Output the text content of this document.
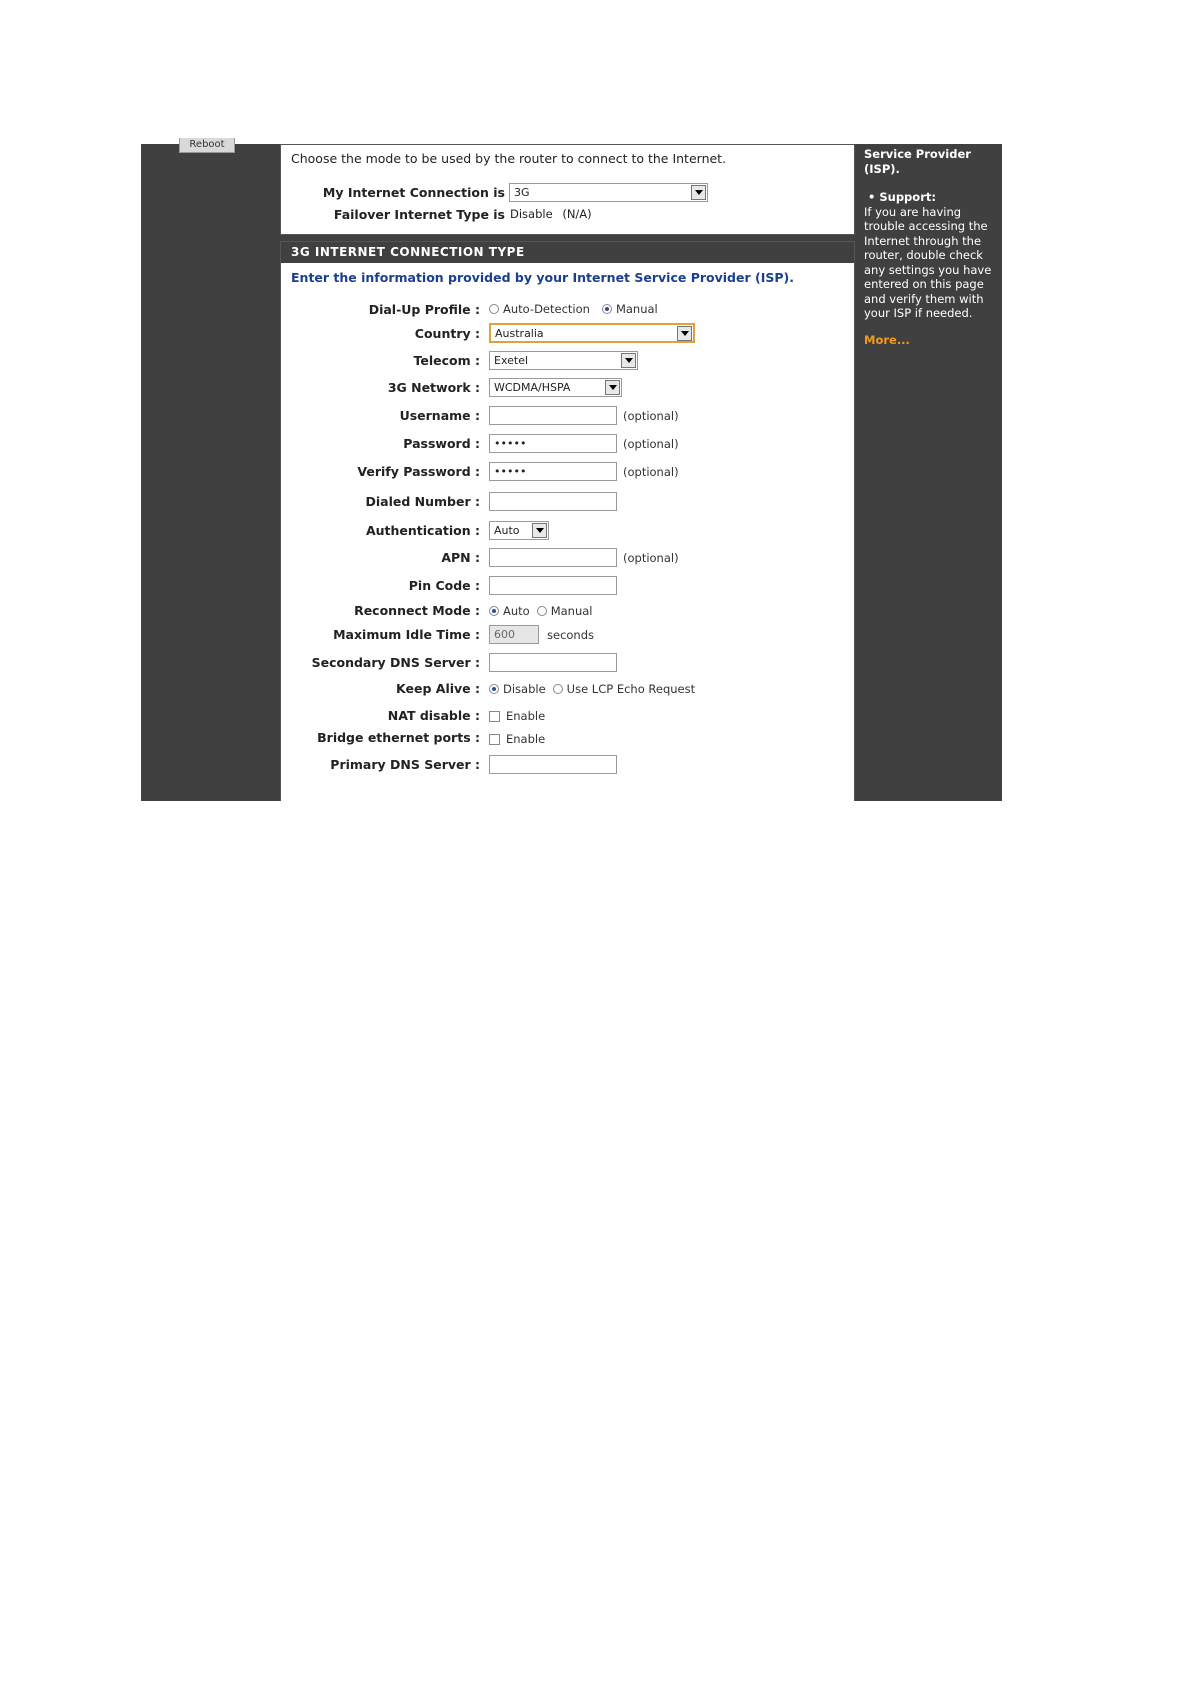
Reboot
Choose the mode to be used by the router to connect to the Internet.
My Internet Connection is 3G
Failover Internet Type is Disable (N/A)
3G INTERNET CONNECTION TYPE
Enter the information provided by your Internet Service Provider (ISP).
Dial-Up Profile : Auto-Detection Manual
Country : Australia
Telecom : Exetel
3G Network : WCDMA/HSPA
Username :	(optional)
Password :	•••••	(optional)
Verify Password :	•••••	(optional)
Dialed Number :
Authentication : Auto
APN :	(optional)
Pin Code :
Reconnect Mode : Auto Manual
Maximum Idle Time :	600	seconds
Secondary DNS Server :
Keep Alive : Disable Use LCP Echo Request
NAT disable : Enable
Bridge ethernet ports : Enable
Primary DNS Server :

Service Provider

(ISP).

• Support:

If you are having

trouble accessing the

Internet through the

router, double check

any settings you have

entered on this page

and verify them with

your ISP if needed.

More...
